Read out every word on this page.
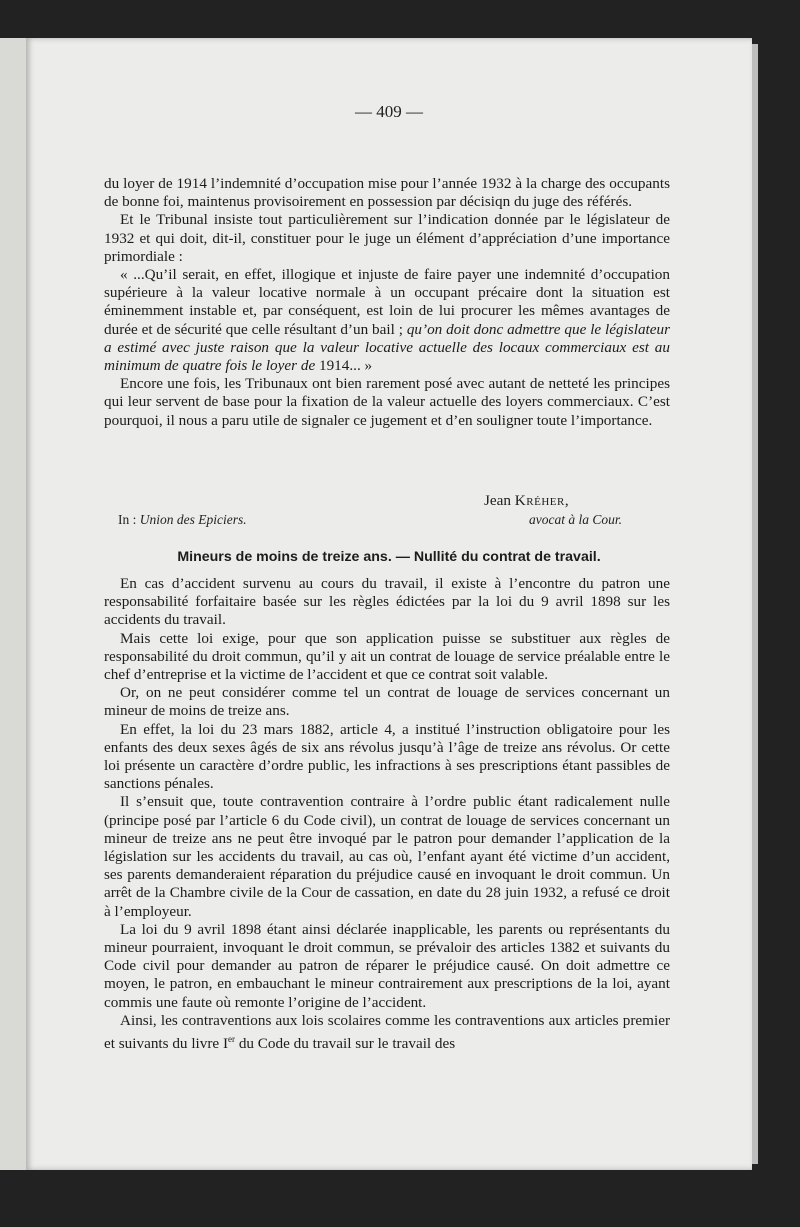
— 409 —

du loyer de 1914 l’indemnité d’occupation mise pour l’année 1932 à la charge des occupants de bonne foi, maintenus provisoirement en possession par décisiqn du juge des référés.

Et le Tribunal insiste tout particulièrement sur l’indication donnée par le législateur de 1932 et qui doit, dit-il, constituer pour le juge un élément d’appréciation d’une importance primordiale :

« ...Qu’il serait, en effet, illogique et injuste de faire payer une indemnité d’occupation supérieure à la valeur locative normale à un occupant précaire dont la situation est éminemment instable et, par conséquent, est loin de lui procurer les mêmes avantages de durée et de sécurité que celle résultant d’un bail ; qu’on doit donc admettre que le législateur a estimé avec juste raison que la valeur locative actuelle des locaux commerciaux est au minimum de quatre fois le loyer de 1914... »

Encore une fois, les Tribunaux ont bien rarement posé avec autant de netteté les principes qui leur servent de base pour la fixation de la valeur actuelle des loyers commerciaux. C’est pourquoi, il nous a paru utile de signaler ce jugement et d’en souligner toute l’importance.

Jean Kréher,
In : Union des Epiciers.	avocat à la Cour.
Mineurs de moins de treize ans. — Nullité du contrat de travail.

En cas d’accident survenu au cours du travail, il existe à l’encontre du patron une responsabilité forfaitaire basée sur les règles édictées par la loi du 9 avril 1898 sur les accidents du travail.

Mais cette loi exige, pour que son application puisse se substituer aux règles de responsabilité du droit commun, qu’il y ait un contrat de louage de service préalable entre le chef d’entreprise et la victime de l’accident et que ce contrat soit valable.

Or, on ne peut considérer comme tel un contrat de louage de services concernant un mineur de moins de treize ans.

En effet, la loi du 23 mars 1882, article 4, a institué l’instruction obligatoire pour les enfants des deux sexes âgés de six ans révolus jusqu’à l’âge de treize ans révolus. Or cette loi présente un caractère d’ordre public, les infractions à ses prescriptions étant passibles de sanctions pénales.

Il s’ensuit que, toute contravention contraire à l’ordre public étant radicalement nulle (principe posé par l’article 6 du Code civil), un contrat de louage de services concernant un mineur de treize ans ne peut être invoqué par le patron pour demander l’application de la législation sur les accidents du travail, au cas où, l’enfant ayant été victime d’un accident, ses parents demanderaient réparation du préjudice causé en invoquant le droit commun. Un arrêt de la Chambre civile de la Cour de cassation, en date du 28 juin 1932, a refusé ce droit à l’employeur.

La loi du 9 avril 1898 étant ainsi déclarée inapplicable, les parents ou représentants du mineur pourraient, invoquant le droit commun, se prévaloir des articles 1382 et suivants du Code civil pour demander au patron de réparer le préjudice causé. On doit admettre ce moyen, le patron, en embauchant le mineur contrairement aux prescriptions de la loi, ayant commis une faute où remonte l’origine de l’accident.

Ainsi, les contraventions aux lois scolaires comme les contraventions aux articles premier et suivants du livre Ier du Code du travail sur le travail des
